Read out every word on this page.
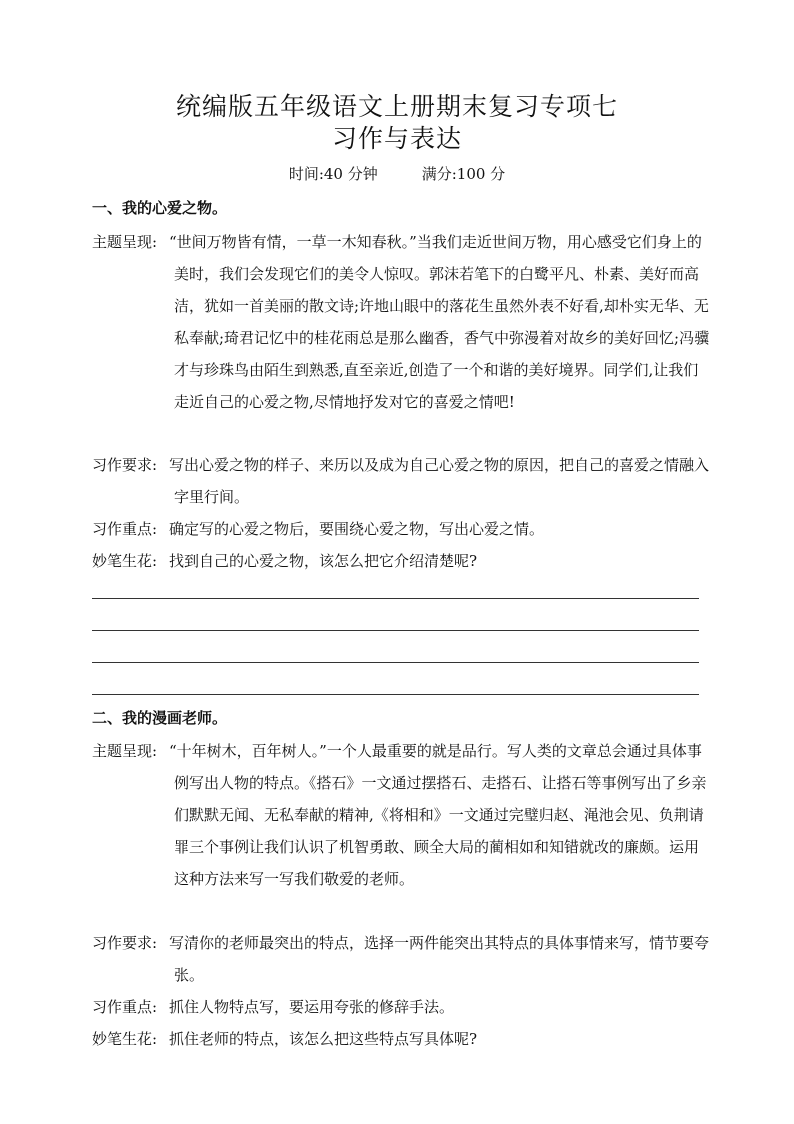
统编版五年级语文上册期末复习专项七
习作与表达
时间:40 分钟	满分:100 分
一、我的心爱之物。
主题呈现: “世间万物皆有情，一草一木知春秋。”当我们走近世间万物，用心感受它们身上的美时，我们会发现它们的美令人惊叹。郭沫若笔下的白鹭平凡、朴素、美好而高洁，犹如一首美丽的散文诗;许地山眼中的落花生虽然外表不好看,却朴实无华、无私奉献;琦君记忆中的桂花雨总是那么幽香，香气中弥漫着对故乡的美好回忆;冯骥才与珍珠鸟由陌生到熟悉,直至亲近,创造了一个和谐的美好境界。同学们,让我们走近自己的心爱之物,尽情地抒发对它的喜爱之情吧!
习作要求: 写出心爱之物的样子、来历以及成为自己心爱之物的原因，把自己的喜爱之情融入字里行间。
习作重点: 确定写的心爱之物后，要围绕心爱之物，写出心爱之情。
妙笔生花: 找到自己的心爱之物，该怎么把它介绍清楚呢?
二、我的漫画老师。
主题呈现: “十年树木，百年树人。”一个人最重要的就是品行。写人类的文章总会通过具体事例写出人物的特点。《搭石》一文通过摆搭石、走搭石、让搭石等事例写出了乡亲们默默无闻、无私奉献的精神,《将相和》一文通过完璧归赵、渑池会见、负荆请罪三个事例让我们认识了机智勇敢、顾全大局的蔺相如和知错就改的廉颇。运用这种方法来写一写我们敬爱的老师。
习作要求: 写清你的老师最突出的特点，选择一两件能突出其特点的具体事情来写，情节要夸张。
习作重点: 抓住人物特点写，要运用夸张的修辞手法。
妙笔生花: 抓住老师的特点，该怎么把这些特点写具体呢?
